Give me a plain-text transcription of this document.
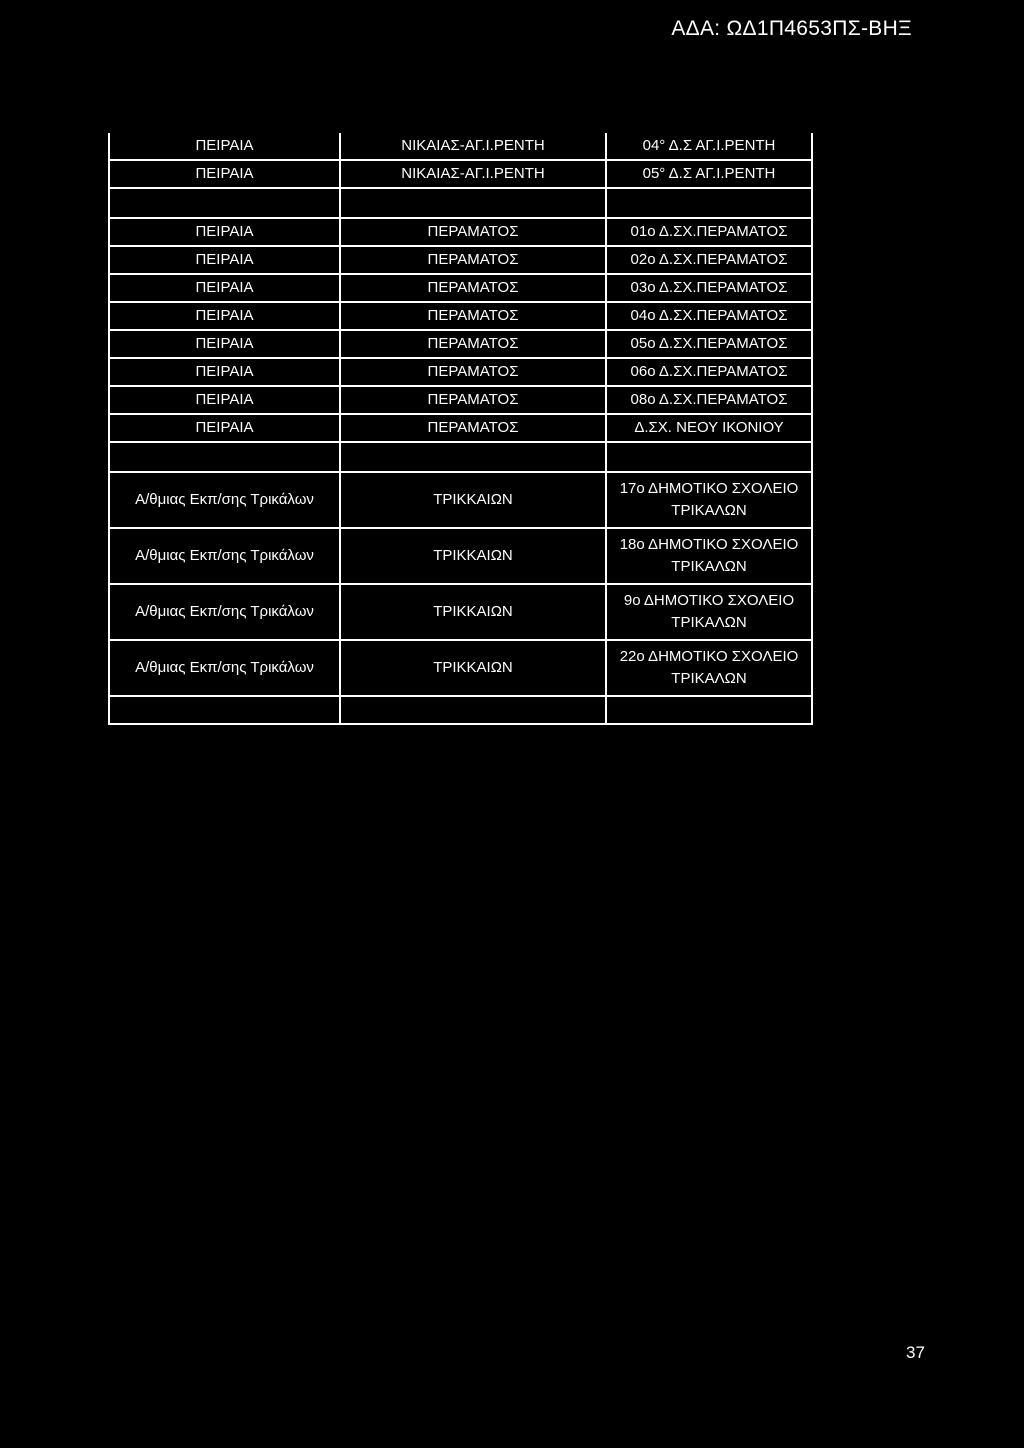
ΑΔΑ: ΩΔ1Π4653ΠΣ-ΒΗΞ
ΠΕΙΡΑΙΑ	ΝΙΚΑΙΑΣ-ΑΓ.Ι.ΡΕΝΤΗ	04° Δ.Σ ΑΓ.Ι.ΡΕΝΤΗ
ΠΕΙΡΑΙΑ	ΝΙΚΑΙΑΣ-ΑΓ.Ι.ΡΕΝΤΗ	05° Δ.Σ ΑΓ.Ι.ΡΕΝΤΗ

ΠΕΙΡΑΙΑ	ΠΕΡΑΜΑΤΟΣ	01ο Δ.ΣΧ.ΠΕΡΑΜΑΤΟΣ
ΠΕΙΡΑΙΑ	ΠΕΡΑΜΑΤΟΣ	02ο Δ.ΣΧ.ΠΕΡΑΜΑΤΟΣ
ΠΕΙΡΑΙΑ	ΠΕΡΑΜΑΤΟΣ	03ο Δ.ΣΧ.ΠΕΡΑΜΑΤΟΣ
ΠΕΙΡΑΙΑ	ΠΕΡΑΜΑΤΟΣ	04ο Δ.ΣΧ.ΠΕΡΑΜΑΤΟΣ
ΠΕΙΡΑΙΑ	ΠΕΡΑΜΑΤΟΣ	05ο Δ.ΣΧ.ΠΕΡΑΜΑΤΟΣ
ΠΕΙΡΑΙΑ	ΠΕΡΑΜΑΤΟΣ	06ο Δ.ΣΧ.ΠΕΡΑΜΑΤΟΣ
ΠΕΙΡΑΙΑ	ΠΕΡΑΜΑΤΟΣ	08ο Δ.ΣΧ.ΠΕΡΑΜΑΤΟΣ
ΠΕΙΡΑΙΑ	ΠΕΡΑΜΑΤΟΣ	Δ.ΣΧ. ΝΕΟΥ ΙΚΟΝΙΟΥ

Α/θμιας Εκπ/σης Τρικάλων	ΤΡΙΚΚΑΙΩΝ	17ο ΔΗΜΟΤΙΚΟ ΣΧΟΛΕΙΟ
ΤΡΙΚΑΛΩΝ
Α/θμιας Εκπ/σης Τρικάλων	ΤΡΙΚΚΑΙΩΝ	18ο ΔΗΜΟΤΙΚΟ ΣΧΟΛΕΙΟ
ΤΡΙΚΑΛΩΝ
Α/θμιας Εκπ/σης Τρικάλων	ΤΡΙΚΚΑΙΩΝ	9ο ΔΗΜΟΤΙΚΟ ΣΧΟΛΕΙΟ
ΤΡΙΚΑΛΩΝ
Α/θμιας Εκπ/σης Τρικάλων	ΤΡΙΚΚΑΙΩΝ	22ο ΔΗΜΟΤΙΚΟ ΣΧΟΛΕΙΟ
ΤΡΙΚΑΛΩΝ

37
